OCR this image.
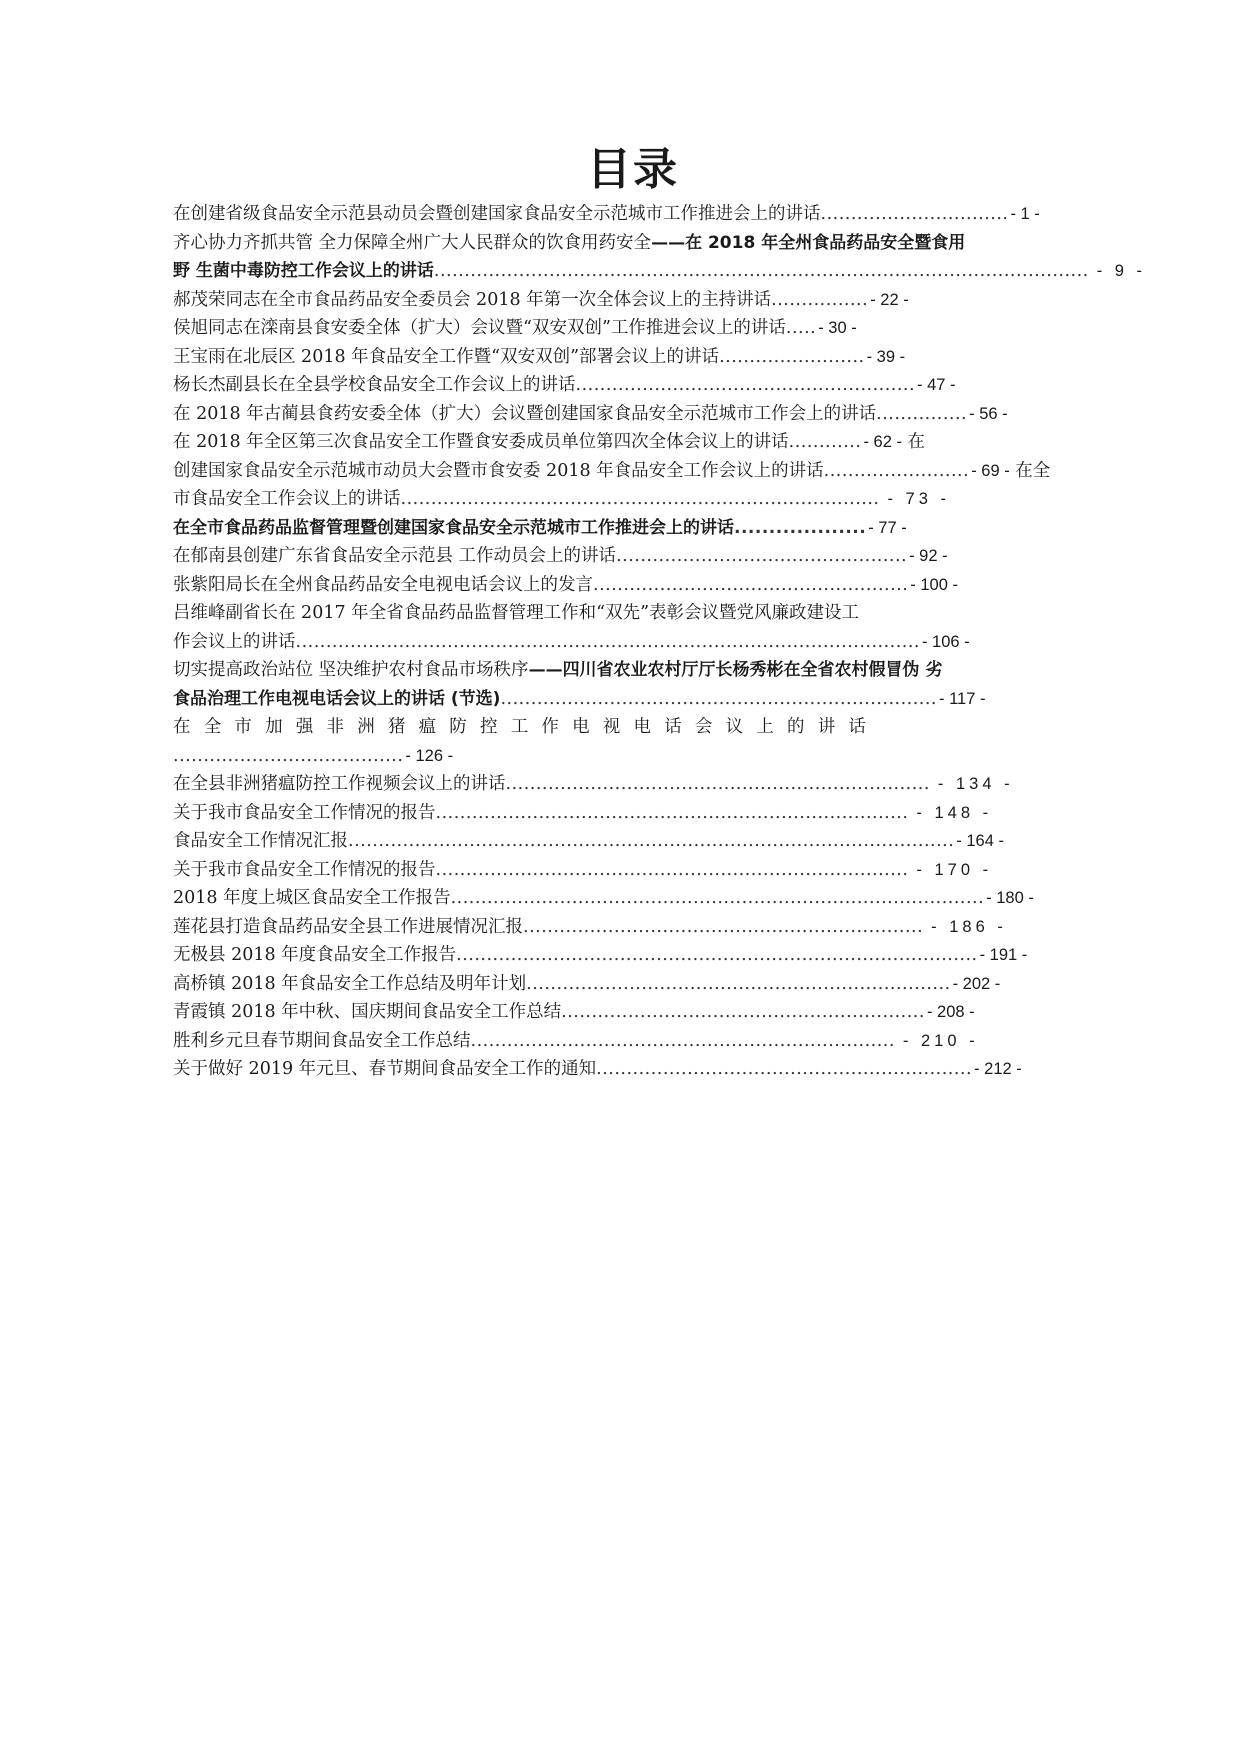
目录
在创建省级食品安全示范县动员会暨创建国家食品安全示范城市工作推进会上的讲话............................... - 1 -
齐心协力齐抓共管 全力保障全州广大人民群众的饮食用药安全——在 2018 年全州食品药品安全暨食用
野 生菌中毒防控工作会议上的讲话............................................................................................................ - 9 -
郝茂荣同志在全市食品药品安全委员会 2018 年第一次全体会议上的主持讲话................ - 22 -
侯旭同志在滦南县食安委全体（扩大）会议暨“双安双创”工作推进会议上的讲话..... - 30 -
王宝雨在北辰区 2018 年食品安全工作暨“双安双创”部署会议上的讲话........................ - 39 -
杨长杰副县长在全县学校食品安全工作会议上的讲话........................................................ - 47 -
在 2018 年古蔺县食药安委全体（扩大）会议暨创建国家食品安全示范城市工作会上的讲话............... - 56 -
在 2018 年全区第三次食品安全工作暨食安委成员单位第四次全体会议上的讲话............ - 62 - 在
创建国家食品安全示范城市动员大会暨市食安委 2018 年食品安全工作会议上的讲话........................ - 69 - 在全
市食品安全工作会议上的讲话............................................................................... - 73 -
在全市食品药品监督管理暨创建国家食品安全示范城市工作推进会上的讲话................... - 77 -
在郁南县创建广东省食品安全示范县 工作动员会上的讲话................................................ - 92 -
张紫阳局长在全州食品药品安全电视电话会议上的发言.................................................... - 100 -
吕维峰副省长在 2017 年全省食品药品监督管理工作和“双先”表彰会议暨党风廉政建设工
作会议上的讲话....................................................................................................... - 106 -
切实提高政治站位 坚决维护农村食品市场秩序——四川省农业农村厅厅长杨秀彬在全省农村假冒伪 劣
食品治理工作电视电话会议上的讲话 (节选)........................................................................ - 117 -
在全市加强非洲猪瘟防控工作电视电话会议上的讲话
...................................... - 126 -
在全县非洲猪瘟防控工作视频会议上的讲话...................................................................... - 134 -
关于我市食品安全工作情况的报告.............................................................................. - 148 -
食品安全工作情况汇报.................................................................................................... - 164 -
关于我市食品安全工作情况的报告.............................................................................. - 170 -
2018 年度上城区食品安全工作报告........................................................................................ - 180 -
莲花县打造食品药品安全县工作进展情况汇报.................................................................. - 186 -
无极县 2018 年度食品安全工作报告...................................................................................... - 191 -
高桥镇 2018 年食品安全工作总结及明年计划...................................................................... - 202 -
青霞镇 2018 年中秋、国庆期间食品安全工作总结............................................................ - 208 -
胜利乡元旦春节期间食品安全工作总结...................................................................... - 210 -
关于做好 2019 年元旦、春节期间食品安全工作的通知.............................................................. - 212 -
